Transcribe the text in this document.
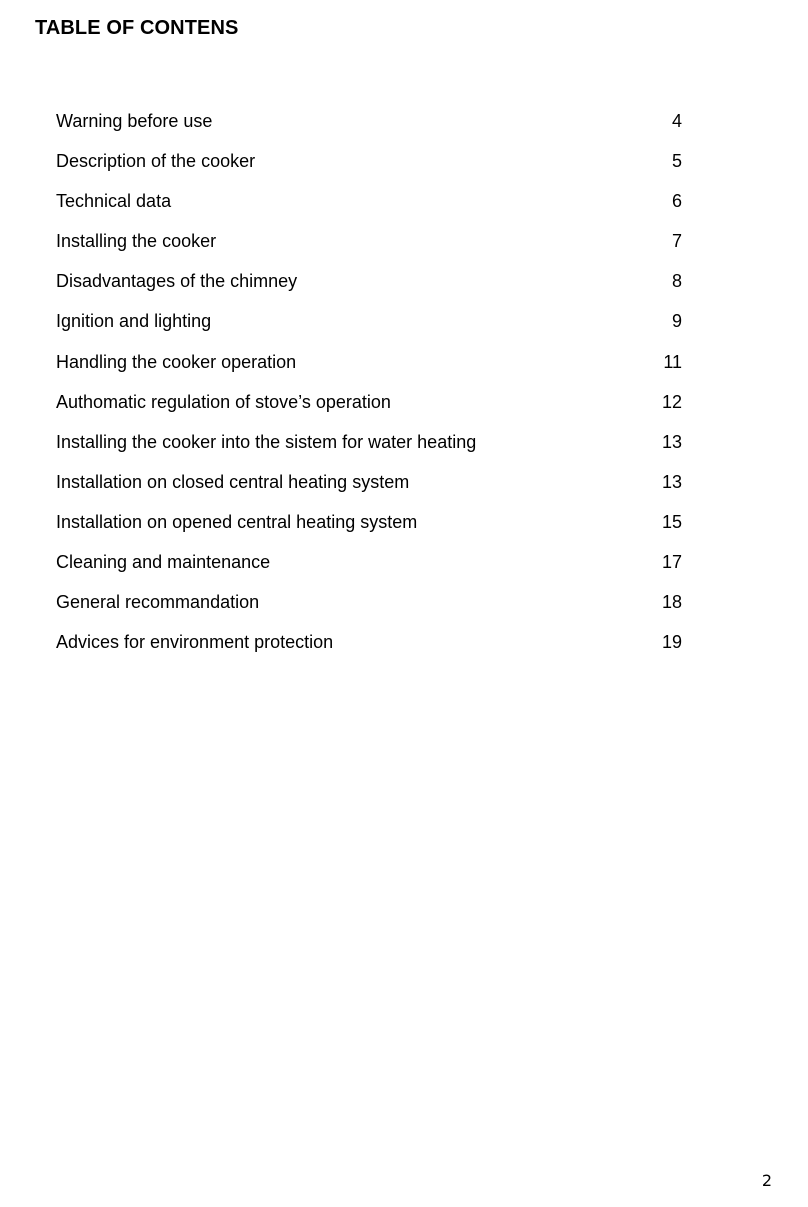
TABLE OF CONTENS
Warning before use	4
Description of the cooker	5
Technical data	6
Installing the cooker	7
Disadvantages of the chimney	8
Ignition and lighting	9
Handling the cooker operation	11
Authomatic regulation of stove’s operation	12
Installing the cooker into the sistem for water heating	13
Installation on closed central heating system	13
Installation on opened central heating system	15
Cleaning and maintenance	17
General recommandation	18
Advices for environment protection	19
2
